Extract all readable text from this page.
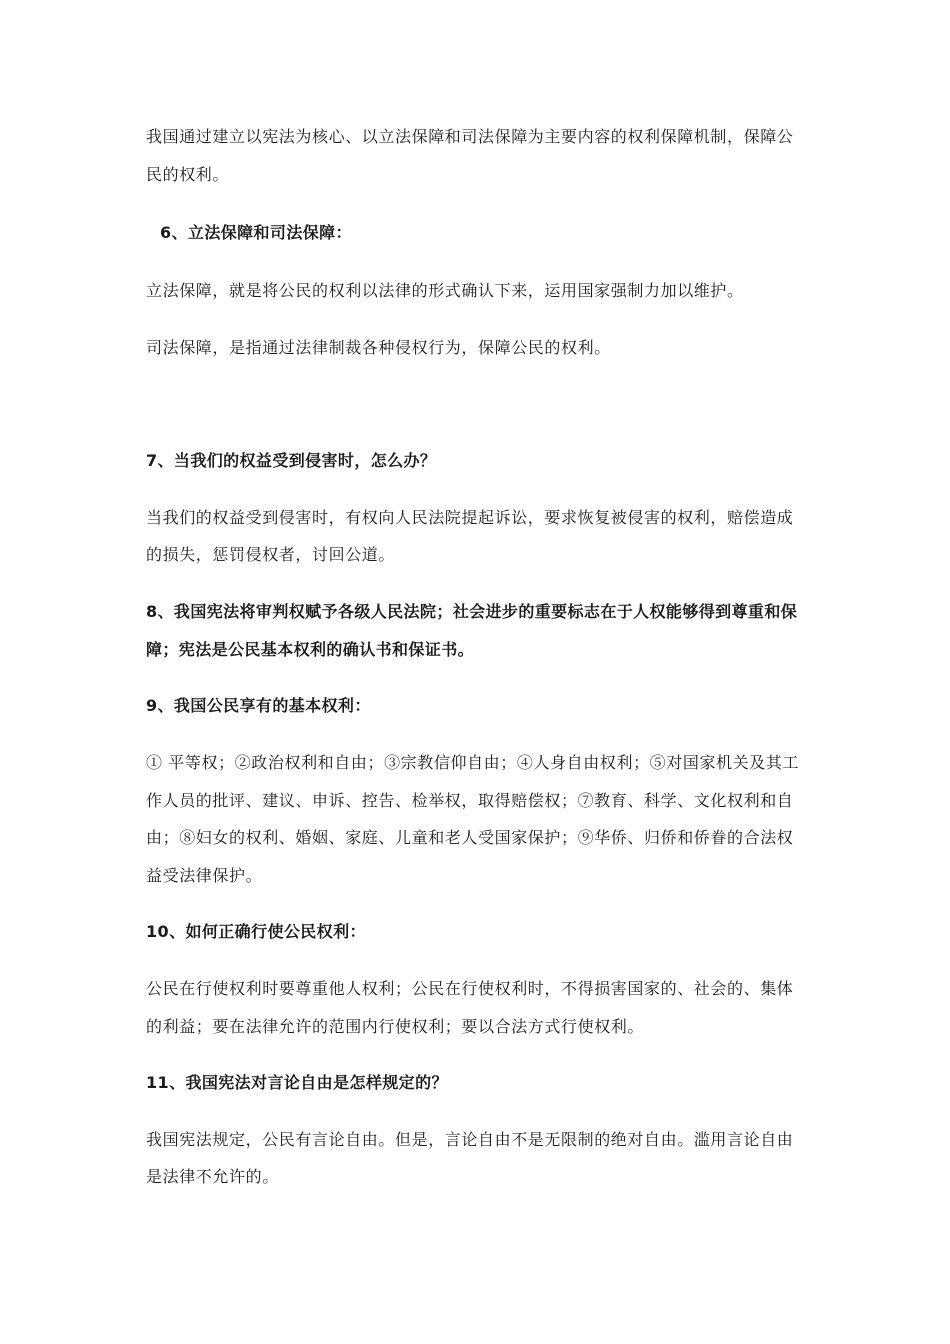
我国通过建立以宪法为核心、以立法保障和司法保障为主要内容的权利保障机制，保障公
民的权利。
6、立法保障和司法保障：
立法保障，就是将公民的权利以法律的形式确认下来，运用国家强制力加以维护。
司法保障，是指通过法律制裁各种侵权行为，保障公民的权利。
7、当我们的权益受到侵害时，怎么办？
当我们的权益受到侵害时，有权向人民法院提起诉讼，要求恢复被侵害的权利，赔偿造成
的损失，惩罚侵权者，讨回公道。
8、我国宪法将审判权赋予各级人民法院；社会进步的重要标志在于人权能够得到尊重和保
障；宪法是公民基本权利的确认书和保证书。
9、我国公民享有的基本权利：
① 平等权；②政治权利和自由；③宗教信仰自由；④人身自由权利；⑤对国家机关及其工
作人员的批评、建议、申诉、控告、检举权，取得赔偿权；⑦教育、科学、文化权利和自
由；⑧妇女的权利、婚姻、家庭、儿童和老人受国家保护；⑨华侨、归侨和侨眷的合法权
益受法律保护。
10、如何正确行使公民权利：
公民在行使权利时要尊重他人权利；公民在行使权利时，不得损害国家的、社会的、集体
的利益；要在法律允许的范围内行使权利；要以合法方式行使权利。
11、我国宪法对言论自由是怎样规定的？
我国宪法规定，公民有言论自由。但是，言论自由不是无限制的绝对自由。滥用言论自由
是法律不允许的。
